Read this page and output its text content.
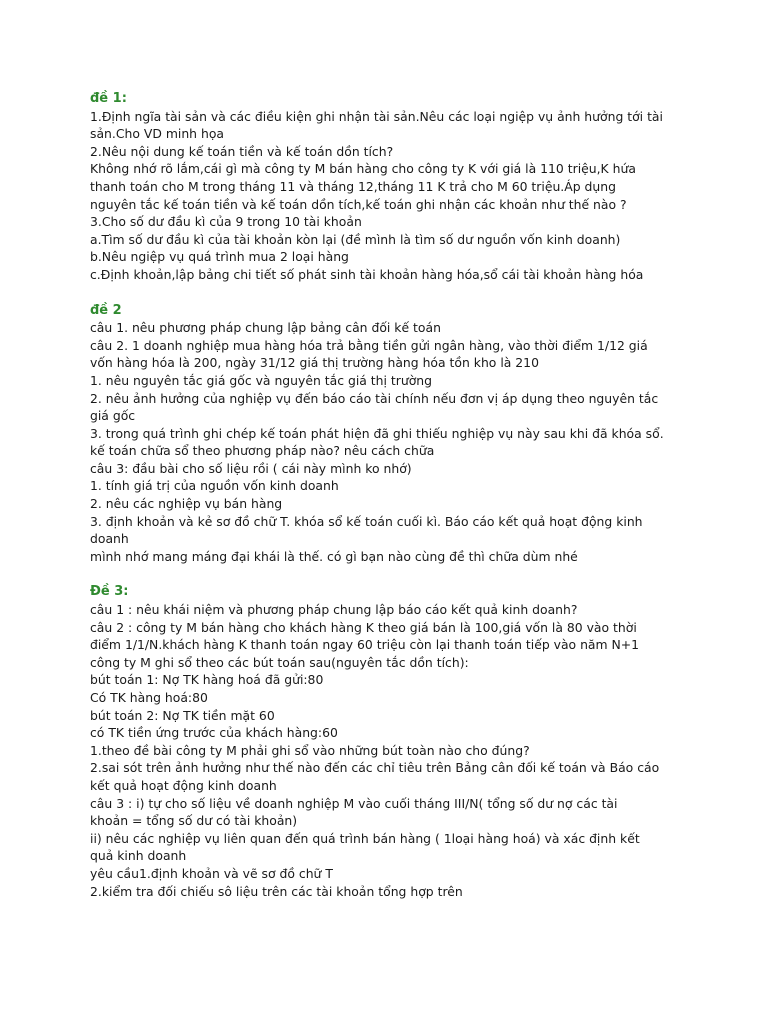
đề 1:

1.Định ngĩa tài sản và các điều kiện ghi nhận tài sản.Nêu các loại ngiệp vụ ảnh hưởng tới tài

sản.Cho VD minh họa

2.Nêu nội dung kế toán tiền và kế toán dồn tích?

Không nhớ rõ lắm,cái gì mà công ty M bán hàng cho công ty K với giá là 110 triệu,K hứa

thanh toán cho M trong tháng 11 và tháng 12,tháng 11 K trả cho M 60 triệu.Áp dụng

nguyên tắc kế toán tiền và kế toán dồn tích,kế toán ghi nhận các khoản như thế nào ?

3.Cho số dư đầu kì của 9 trong 10 tài khoản

a.Tìm số dư đầu kì của tài khoản kòn lại (đề mình là tìm số dư nguồn vốn kinh doanh)

b.Nêu ngiệp vụ quá trình mua 2 loại hàng

c.Định khoản,lập bảng chi tiết số phát sinh tài khoản hàng hóa,sổ cái tài khoản hàng hóa

đề 2

câu 1. nêu phương pháp chung lập bảng cân đối kế toán

câu 2. 1 doanh nghiệp mua hàng hóa trả bằng tiền gửi ngân hàng, vào thời điểm 1/12 giá

vốn hàng hóa là 200, ngày 31/12 giá thị trường hàng hóa tồn kho là 210

1. nêu nguyên tắc giá gốc và nguyên tắc giá thị trường

2. nêu ảnh hưởng của nghiệp vụ đến báo cáo tài chính nếu đơn vị áp dụng theo nguyên tắc

giá gốc

3. trong quá trình ghi chép kế toán phát hiện đã ghi thiếu nghiệp vụ này sau khi đã khóa sổ.

kế toán chữa sổ theo phương pháp nào? nêu cách chữa

câu 3: đầu bài cho số liệu rồi ( cái này mình ko nhớ)

1. tính giá trị của nguồn vốn kinh doanh

2. nêu các nghiệp vụ bán hàng

3. định khoản và kẻ sơ đồ chữ T. khóa sổ kế toán cuối kì. Báo cáo kết quả hoạt động kinh

doanh

mình nhớ mang máng đại khái là thế. có gì bạn nào cùng đề thì chữa dùm nhé

Đề 3:

câu 1 : nêu khái niệm và phương pháp chung lập báo cáo kết quả kinh doanh?

câu 2 : công ty M bán hàng cho khách hàng K theo giá bán là 100,giá vốn là 80 vào thời

điểm 1/1/N.khách hàng K thanh toán ngay 60 triệu còn lại thanh toán tiếp vào năm N+1

công ty M ghi sổ theo các bút toán sau(nguyên tắc dồn tích):

bút toán 1: Nợ TK hàng hoá đã gửi:80

Có TK hàng hoá:80

bút toán 2: Nợ TK tiền mặt 60

có TK tiền ứng trước của khách hàng:60

1.theo đề bài công ty M phải ghi sổ vào những bút toàn nào cho đúng?

2.sai sót trên ảnh hưởng như thế nào đến các chỉ tiêu trên Bảng cân đối kế toán và Báo cáo

kết quả hoạt động kinh doanh

câu 3 : i) tự cho số liệu về doanh nghiệp M vào cuối tháng III/N( tổng số dư nợ các tài

khoản = tổng số dư có tài khoản)

ii) nêu các nghiệp vụ liên quan đến quá trình bán hàng ( 1loại hàng hoá) và xác định kết

quả kinh doanh

yêu cầu1.định khoản và vẽ sơ đồ chữ T

2.kiểm tra đối chiếu sô liệu trên các tài khoản tổng hợp trên
